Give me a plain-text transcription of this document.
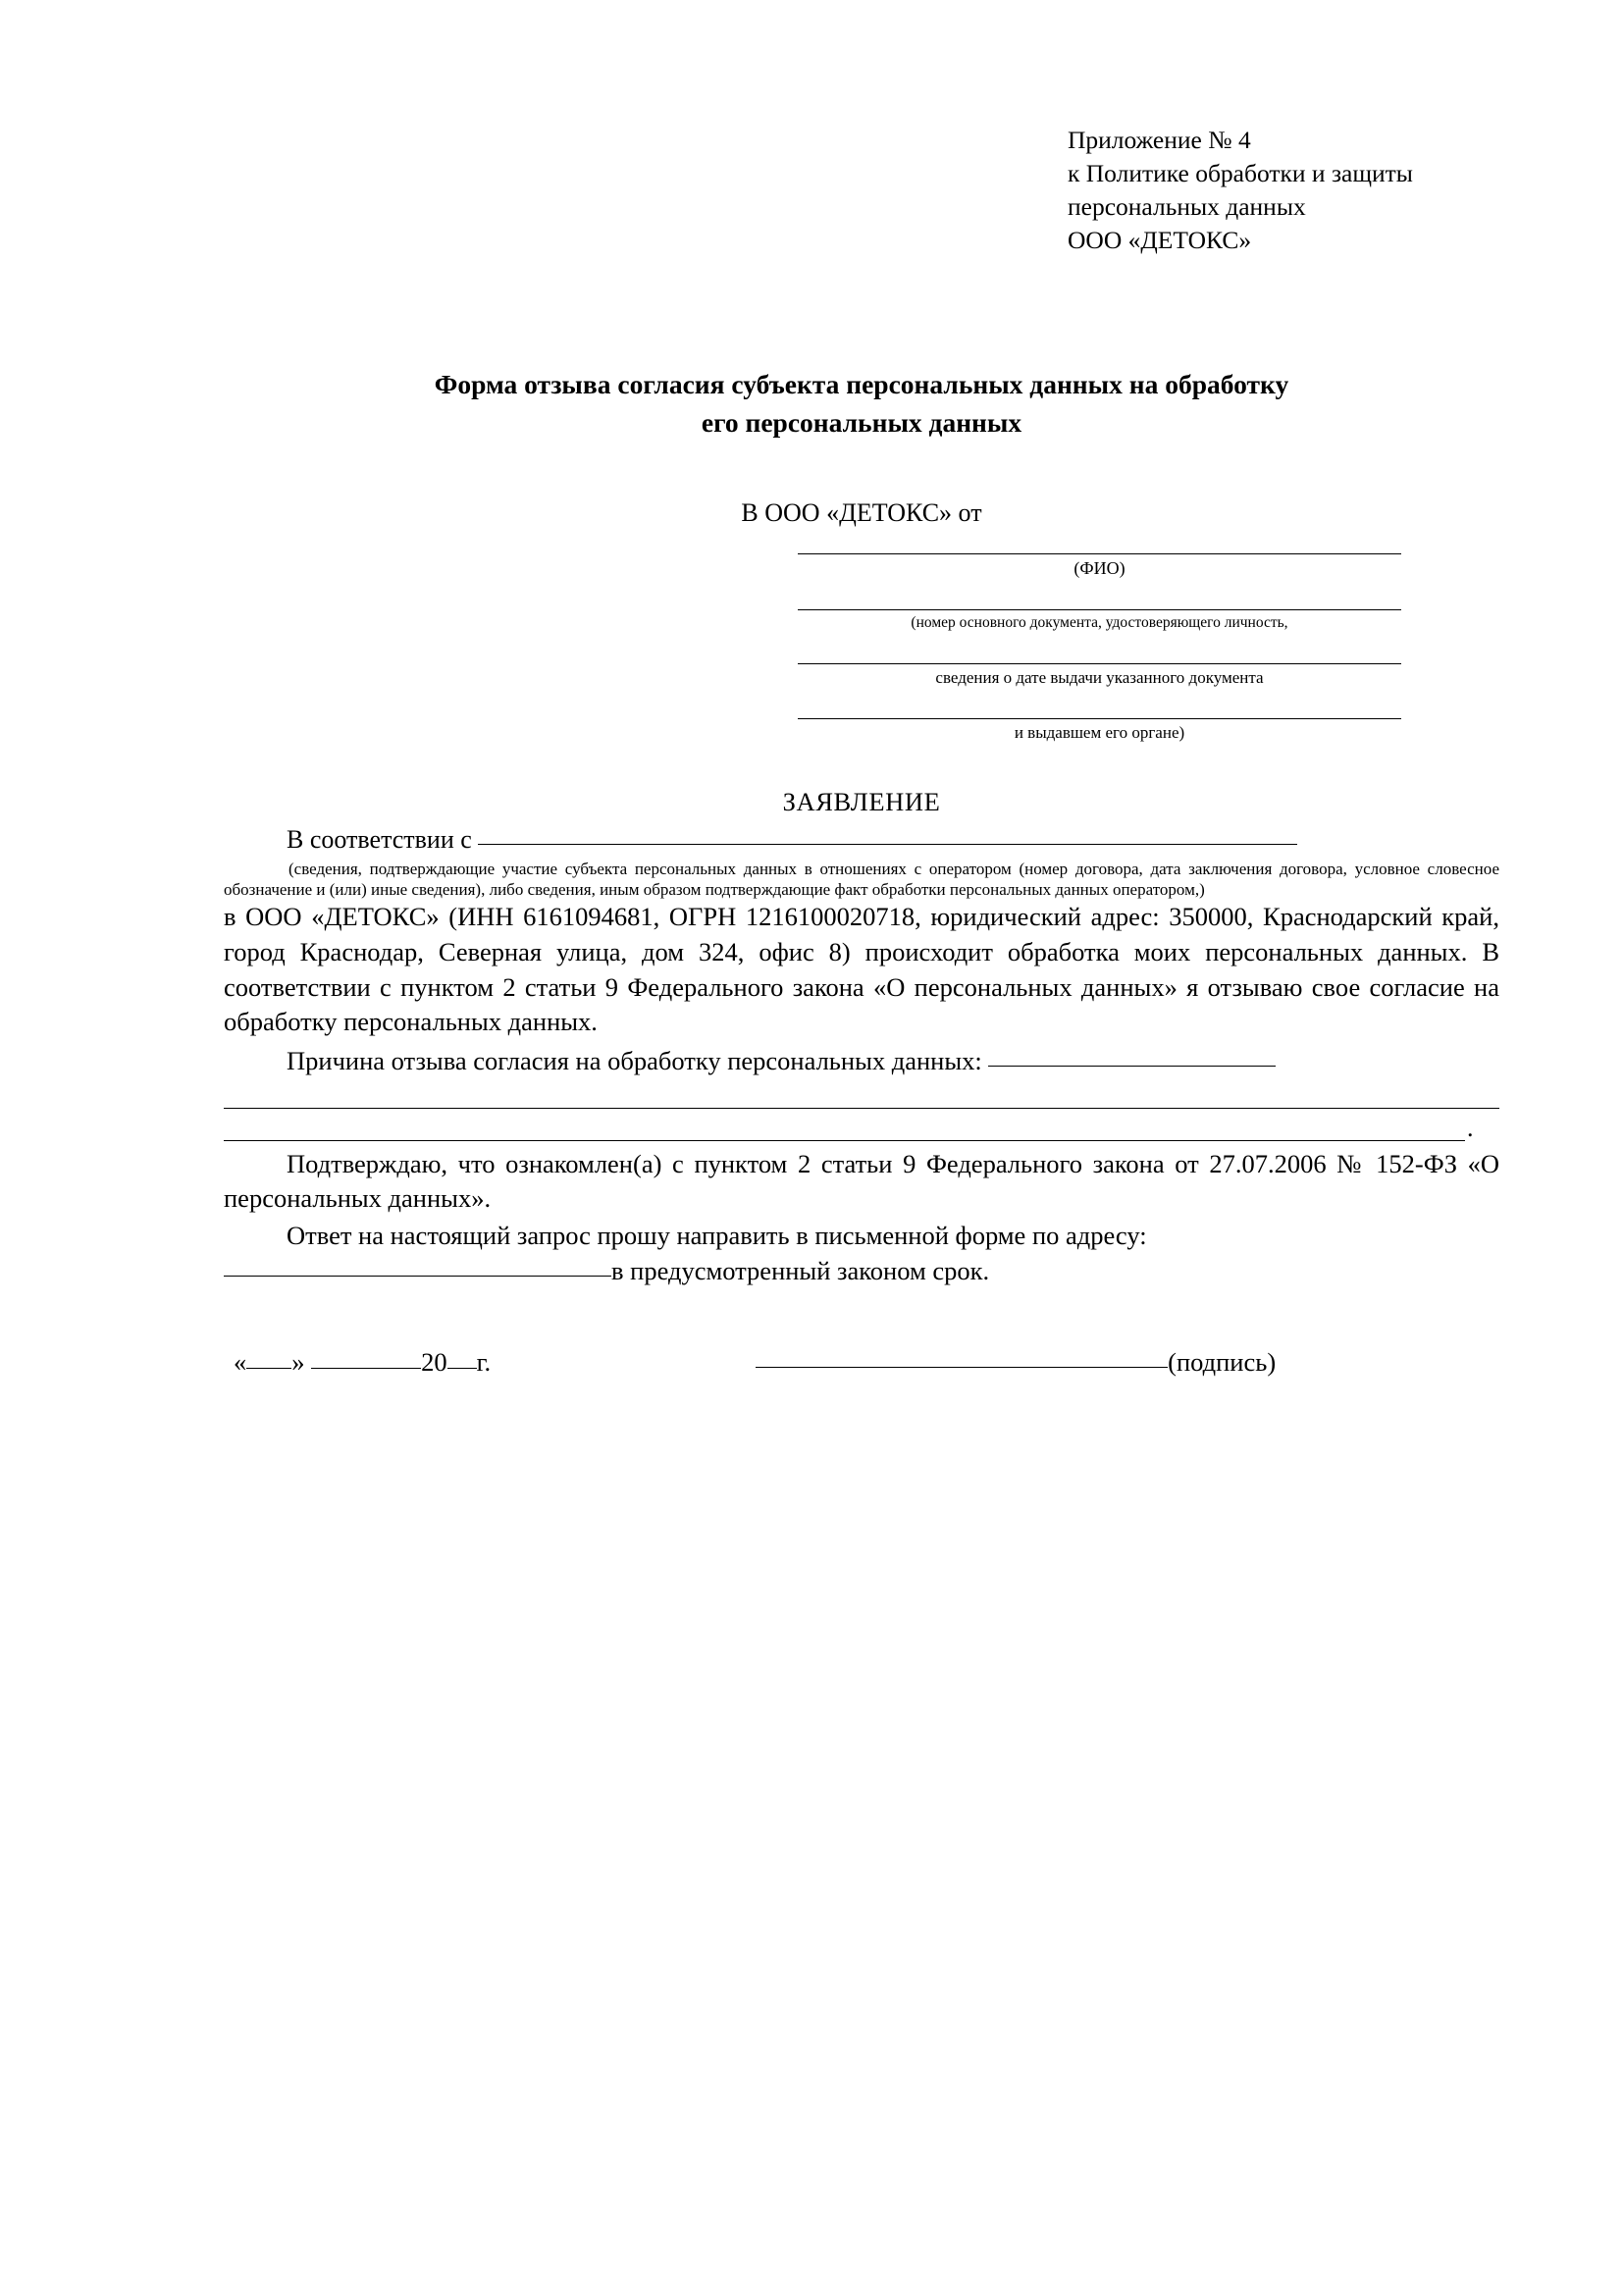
Приложение № 4
к Политике обработки и защиты
персональных данных
ООО «ДЕТОКС»
Форма отзыва согласия субъекта персональных данных на обработку
его персональных данных
В ООО «ДЕТОКС» от
(ФИО)
(номер основного документа, удостоверяющего личность,
сведения о дате выдачи указанного документа
и выдавшем его органе)
ЗАЯВЛЕНИЕ
В соответствии с
(сведения, подтверждающие участие субъекта персональных данных в отношениях с оператором (номер договора, дата заключения договора, условное словесное обозначение и (или) иные сведения), либо сведения, иным образом подтверждающие факт обработки персональных данных оператором,)
в ООО «ДЕТОКС» (ИНН 6161094681, ОГРН 1216100020718, юридический адрес: 350000, Краснодарский край, город Краснодар, Северная улица, дом 324, офис 8) происходит обработка моих персональных данных. В соответствии с пунктом 2 статьи 9 Федерального закона «О персональных данных» я отзываю свое согласие на обработку персональных данных.
Причина отзыва согласия на обработку персональных данных:
.
Подтверждаю, что ознакомлен(а) с пунктом 2 статьи 9 Федерального закона от 27.07.2006 № 152-ФЗ «О персональных данных».
Ответ на настоящий запрос прошу направить в письменной форме по адресу:
в предусмотренный законом срок.
« »	20 г.	(подпись)
